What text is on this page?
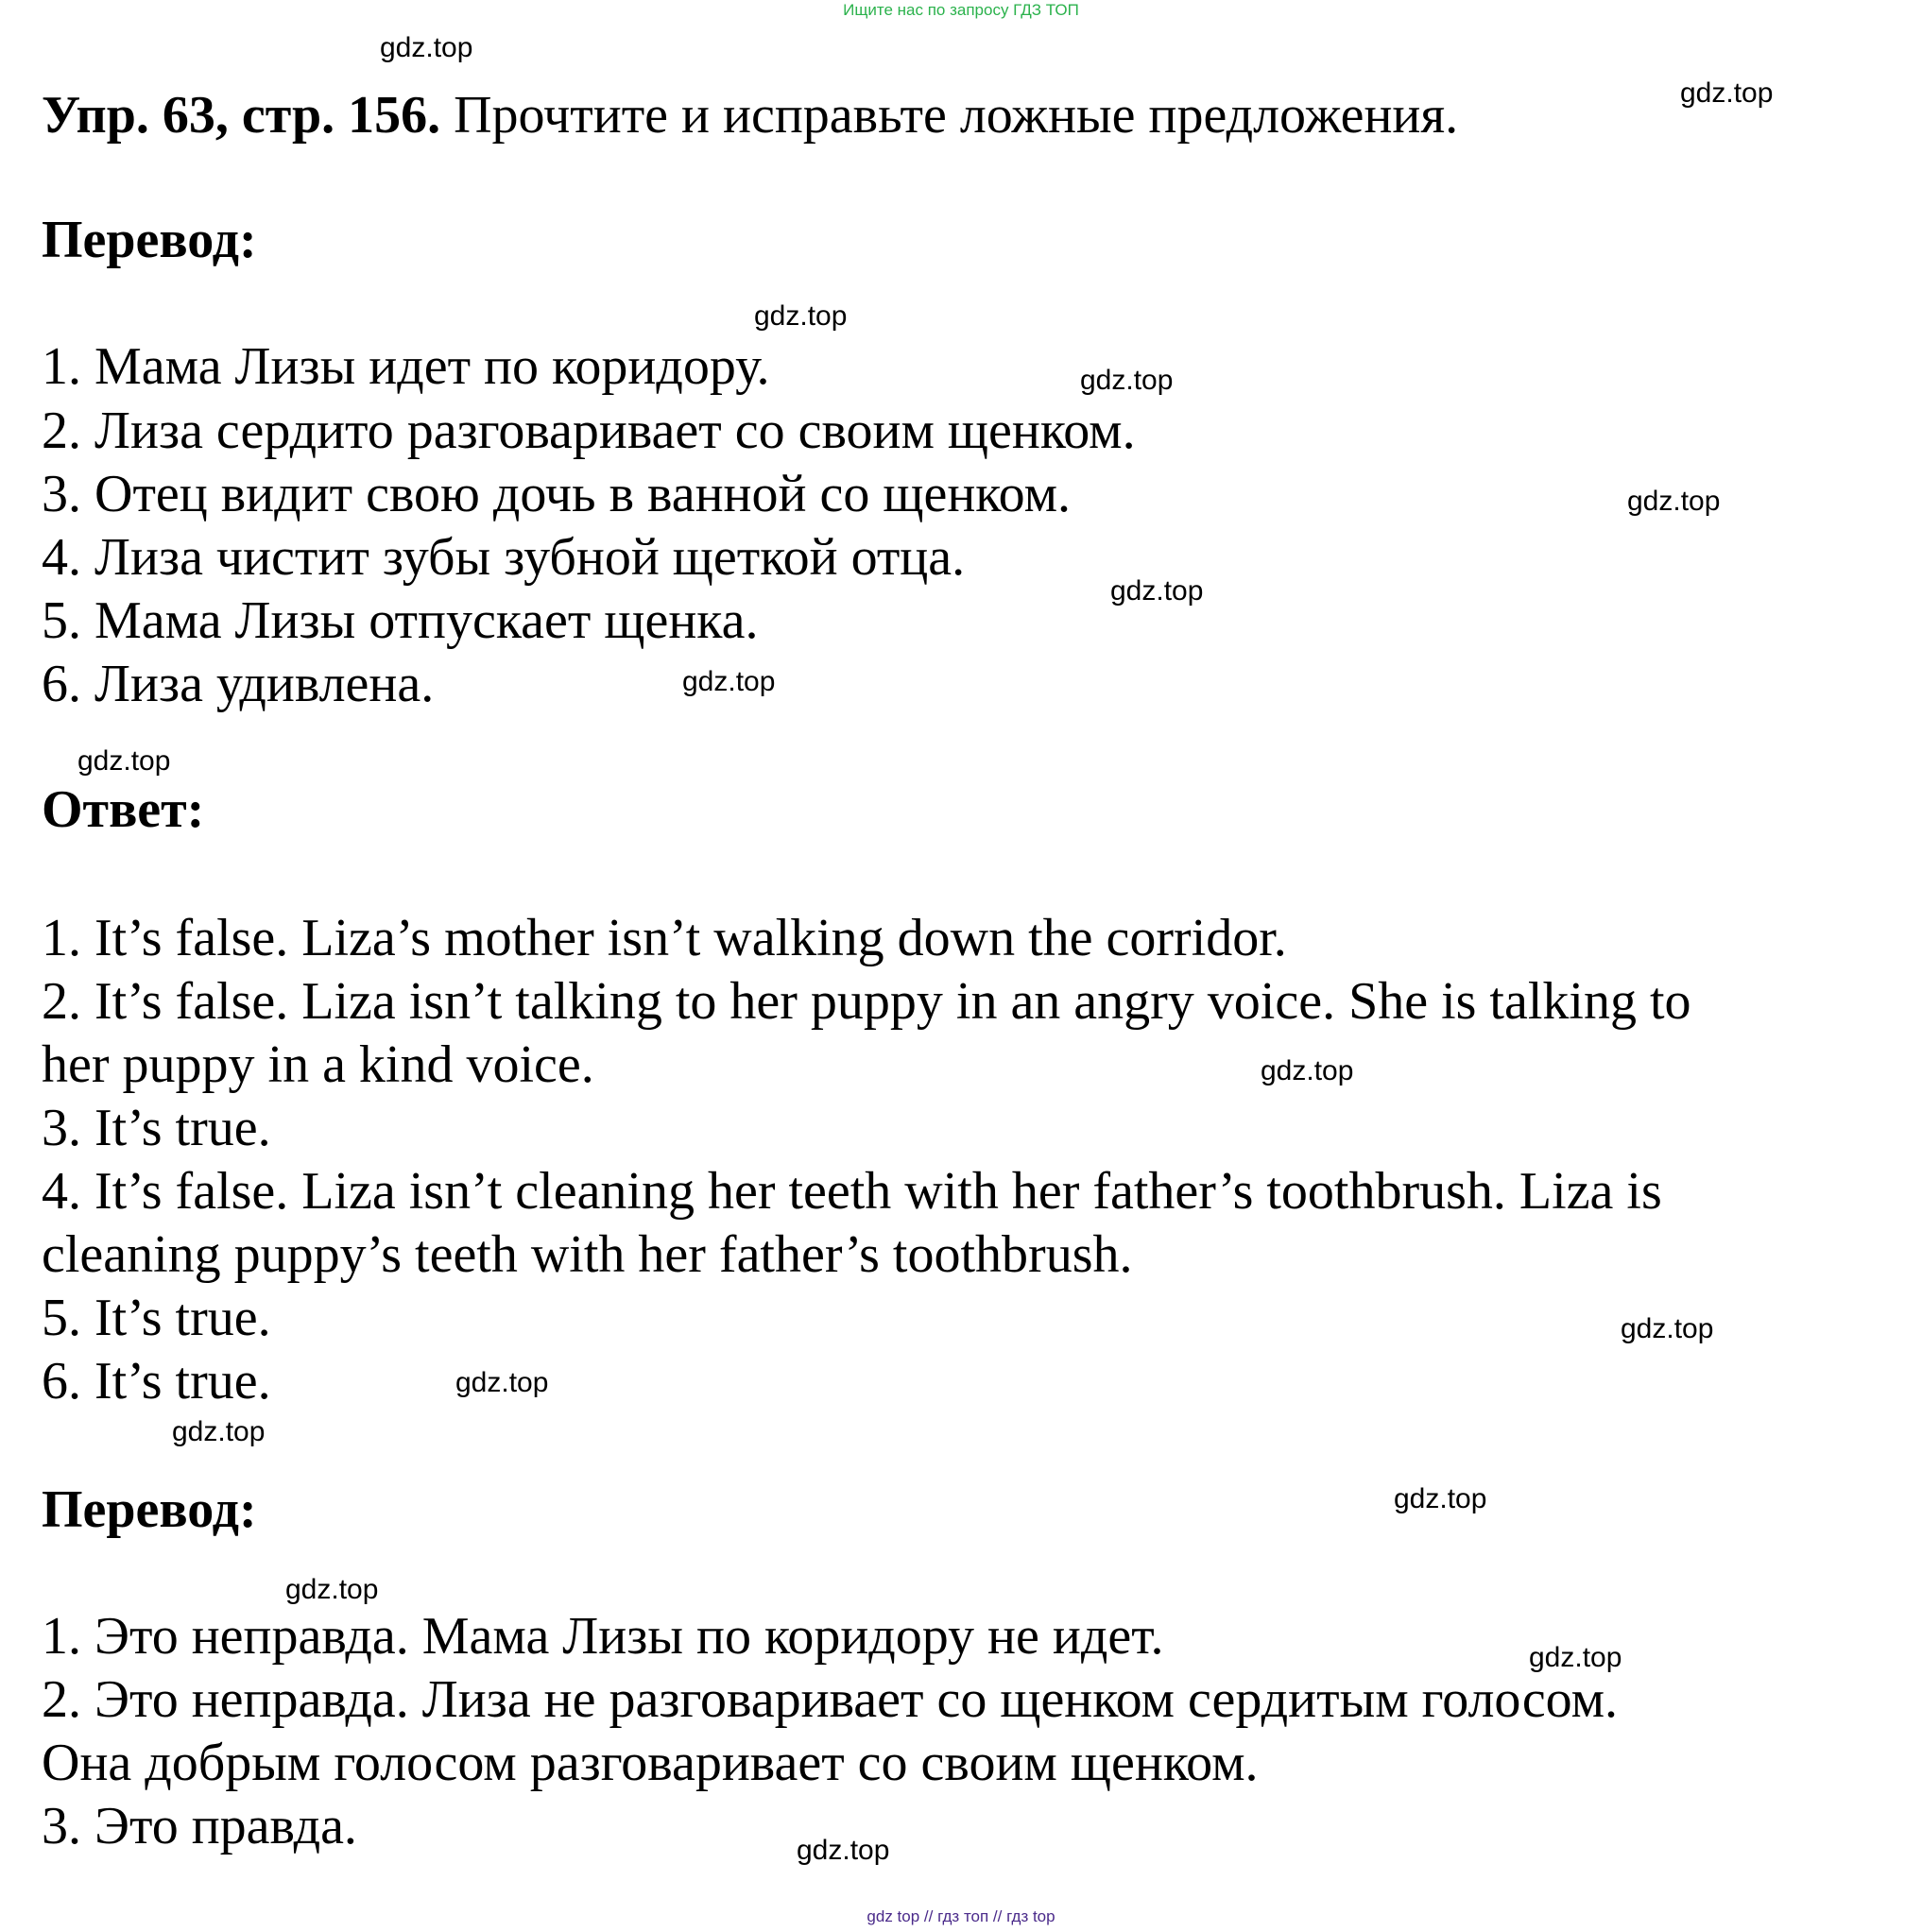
Ищите нас по запросу ГДЗ ТОП
Упр. 63, стр. 156. Прочтите и исправьте ложные предложения.
Перевод:
1. Мама Лизы идет по коридору.
2. Лиза сердито разговаривает со своим щенком.
3. Отец видит свою дочь в ванной со щенком.
4. Лиза чистит зубы зубной щеткой отца.
5. Мама Лизы отпускает щенка.
6. Лиза удивлена.
Ответ:
1. It’s false. Liza’s mother isn’t walking down the corridor.
2. It’s false. Liza isn’t talking to her puppy in an angry voice. She is talking to
her puppy in a kind voice.
3. It’s true.
4. It’s false. Liza isn’t cleaning her teeth with her father’s toothbrush. Liza is
cleaning puppy’s teeth with her father’s toothbrush.
5. It’s true.
6. It’s true.
Перевод:
1. Это неправда. Мама Лизы по коридору не идет.
2. Это неправда. Лиза не разговаривает со щенком сердитым голосом.
Она добрым голосом разговаривает со своим щенком.
3. Это правда.
gdz.top
gdz.top
gdz.top
gdz.top
gdz.top
gdz.top
gdz.top
gdz.top
gdz.top
gdz.top
gdz.top
gdz.top
gdz.top
gdz.top
gdz.top
gdz.top
gdz top // гдз топ // гдз top
